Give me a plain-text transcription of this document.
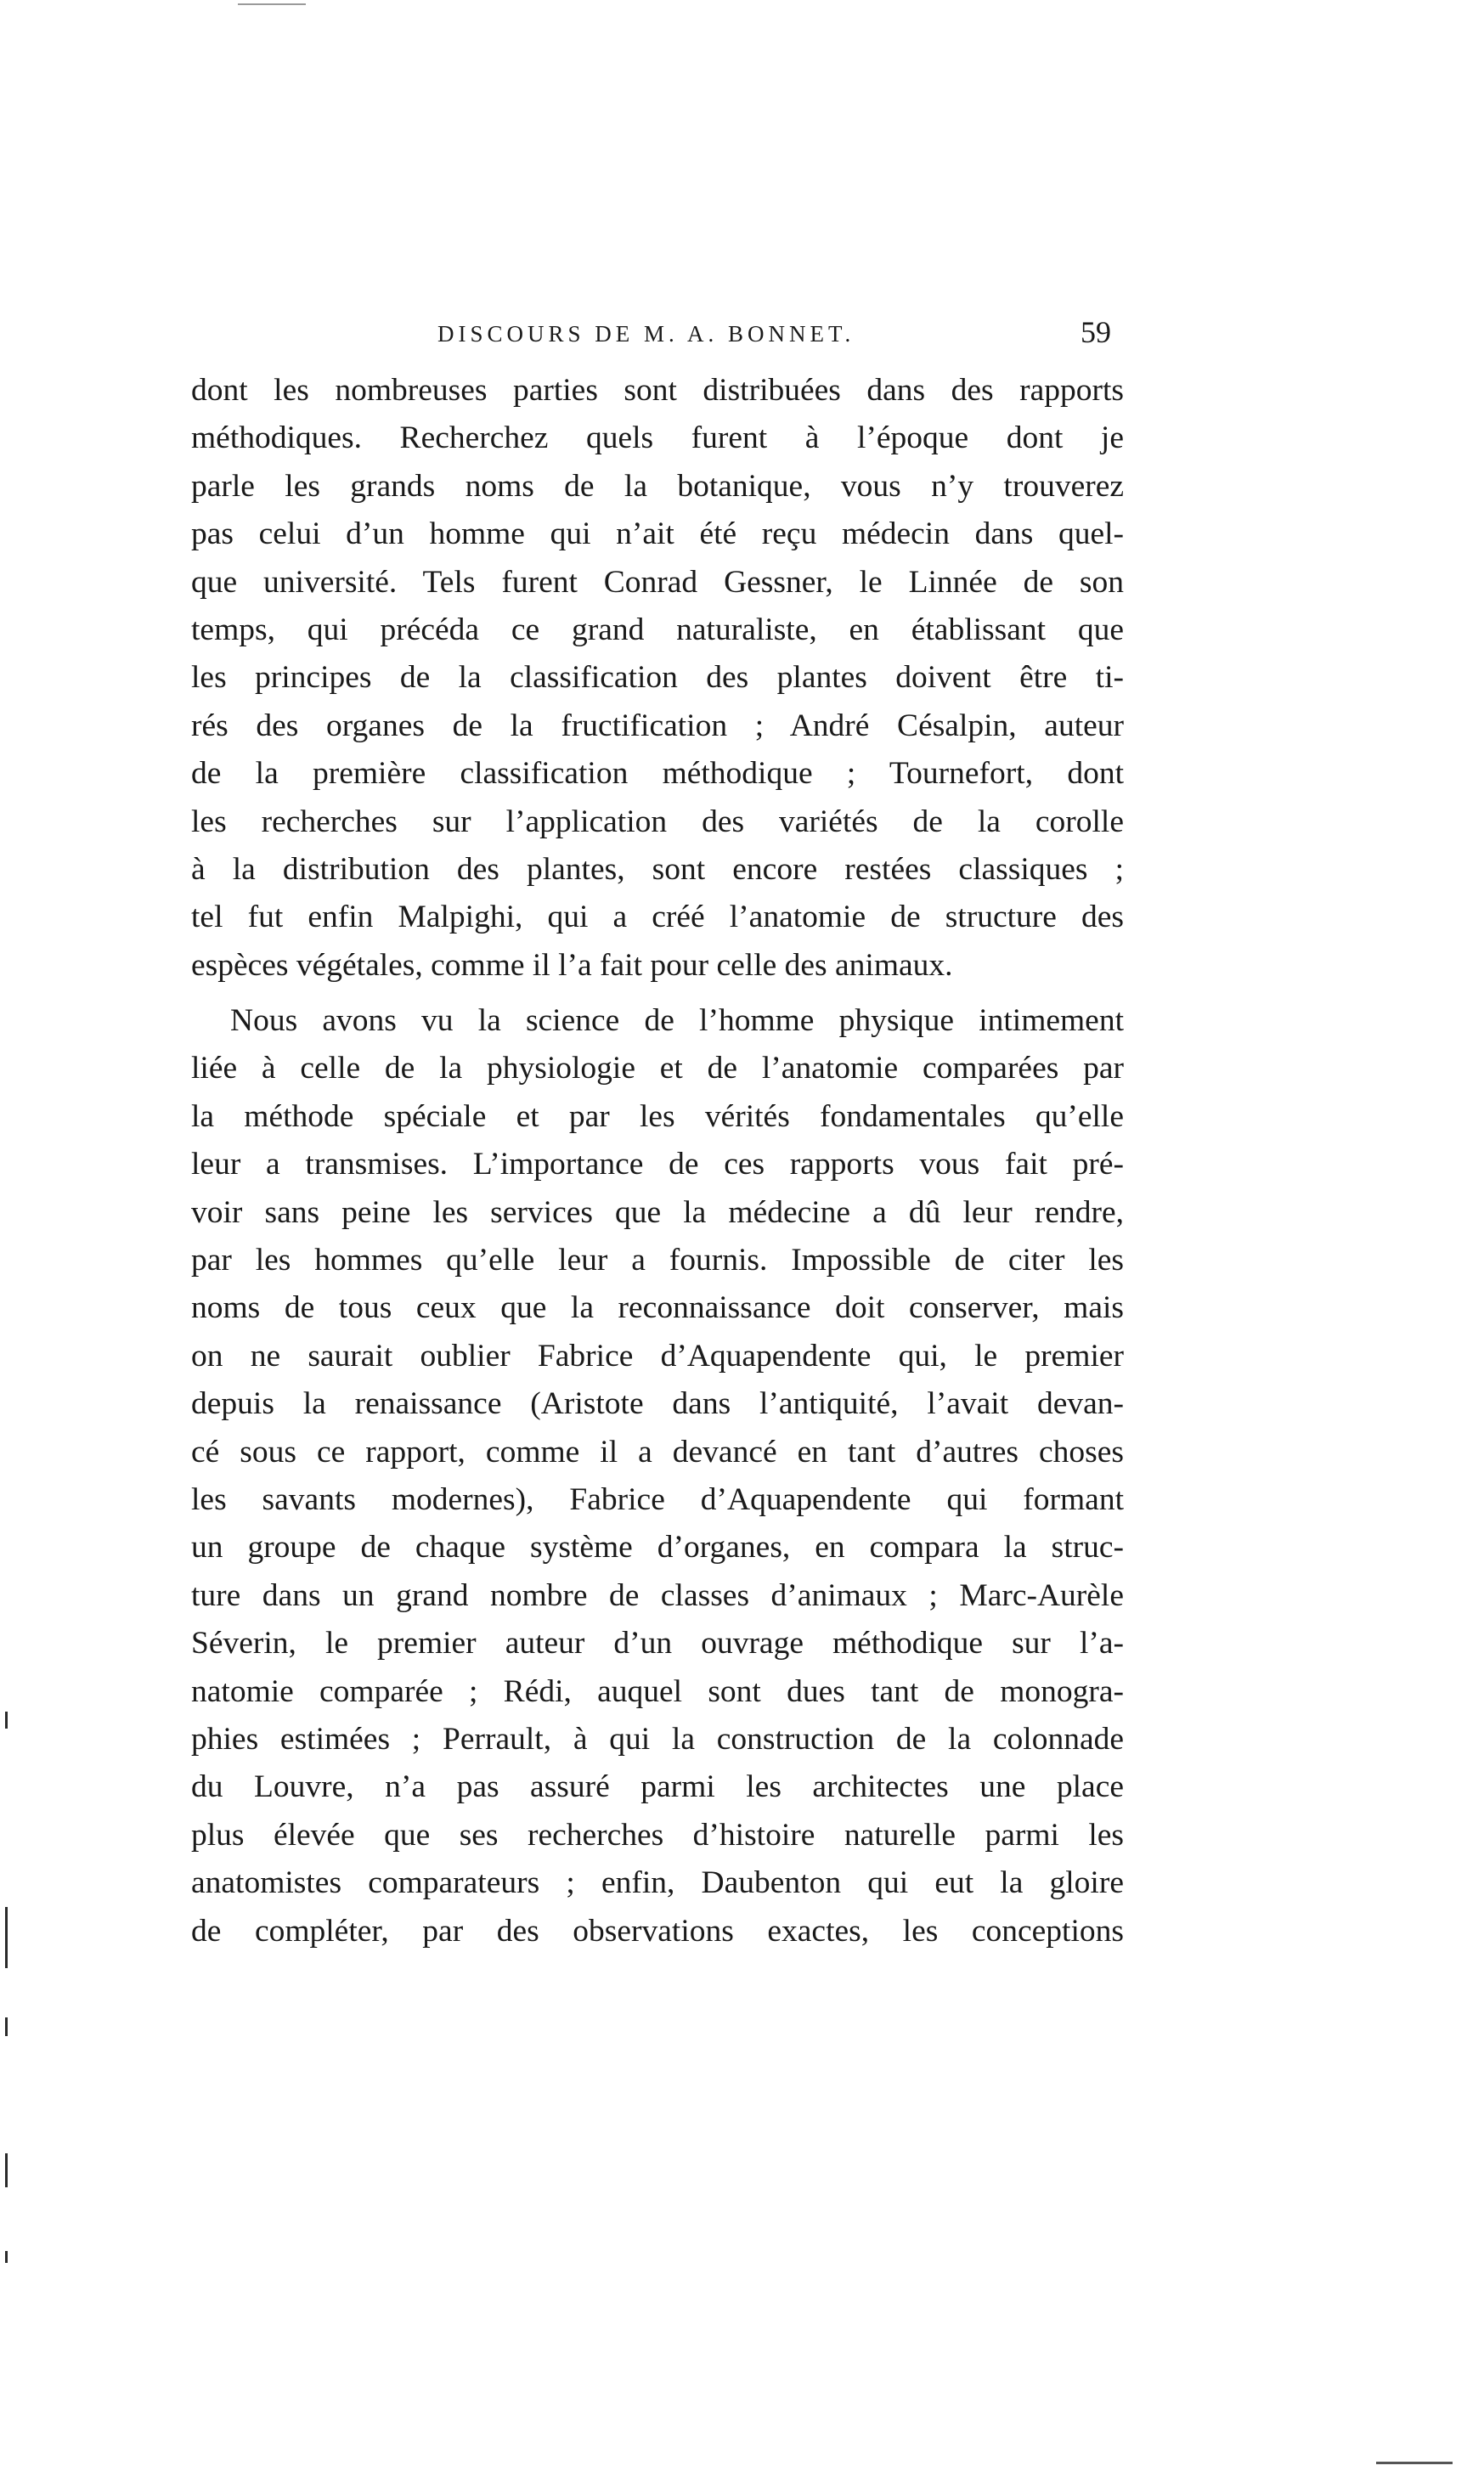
DISCOURS DE M. A. BONNET.	59
dont les nombreuses parties sont distribuées dans des rapports
méthodiques. Recherchez quels furent à l’époque dont je
parle les grands noms de la botanique, vous n’y trouverez
pas celui d’un homme qui n’ait été reçu médecin dans quel-
que université. Tels furent Conrad Gessner, le Linnée de son
temps, qui précéda ce grand naturaliste, en établissant que
les principes de la classification des plantes doivent être ti-
rés des organes de la fructification ; André Césalpin, auteur
de la première classification méthodique ; Tournefort, dont
les recherches sur l’application des variétés de la corolle
à la distribution des plantes, sont encore restées classiques ;
tel fut enfin Malpighi, qui a créé l’anatomie de structure des
espèces végétales, comme il l’a fait pour celle des animaux.
Nous avons vu la science de l’homme physique intimement
liée à celle de la physiologie et de l’anatomie comparées par
la méthode spéciale et par les vérités fondamentales qu’elle
leur a transmises. L’importance de ces rapports vous fait pré-
voir sans peine les services que la médecine a dû leur rendre,
par les hommes qu’elle leur a fournis. Impossible de citer les
noms de tous ceux que la reconnaissance doit conserver, mais
on ne saurait oublier Fabrice d’Aquapendente qui, le premier
depuis la renaissance (Aristote dans l’antiquité, l’avait devan-
cé sous ce rapport, comme il a devancé en tant d’autres choses
les savants modernes), Fabrice d’Aquapendente qui formant
un groupe de chaque système d’organes, en compara la struc-
ture dans un grand nombre de classes d’animaux ; Marc-Aurèle
Séverin, le premier auteur d’un ouvrage méthodique sur l’a-
natomie comparée ; Rédi, auquel sont dues tant de monogra-
phies estimées ; Perrault, à qui la construction de la colonnade
du Louvre, n’a pas assuré parmi les architectes une place
plus élevée que ses recherches d’histoire naturelle parmi les
anatomistes comparateurs ; enfin, Daubenton qui eut la gloire
de compléter, par des observations exactes, les conceptions
